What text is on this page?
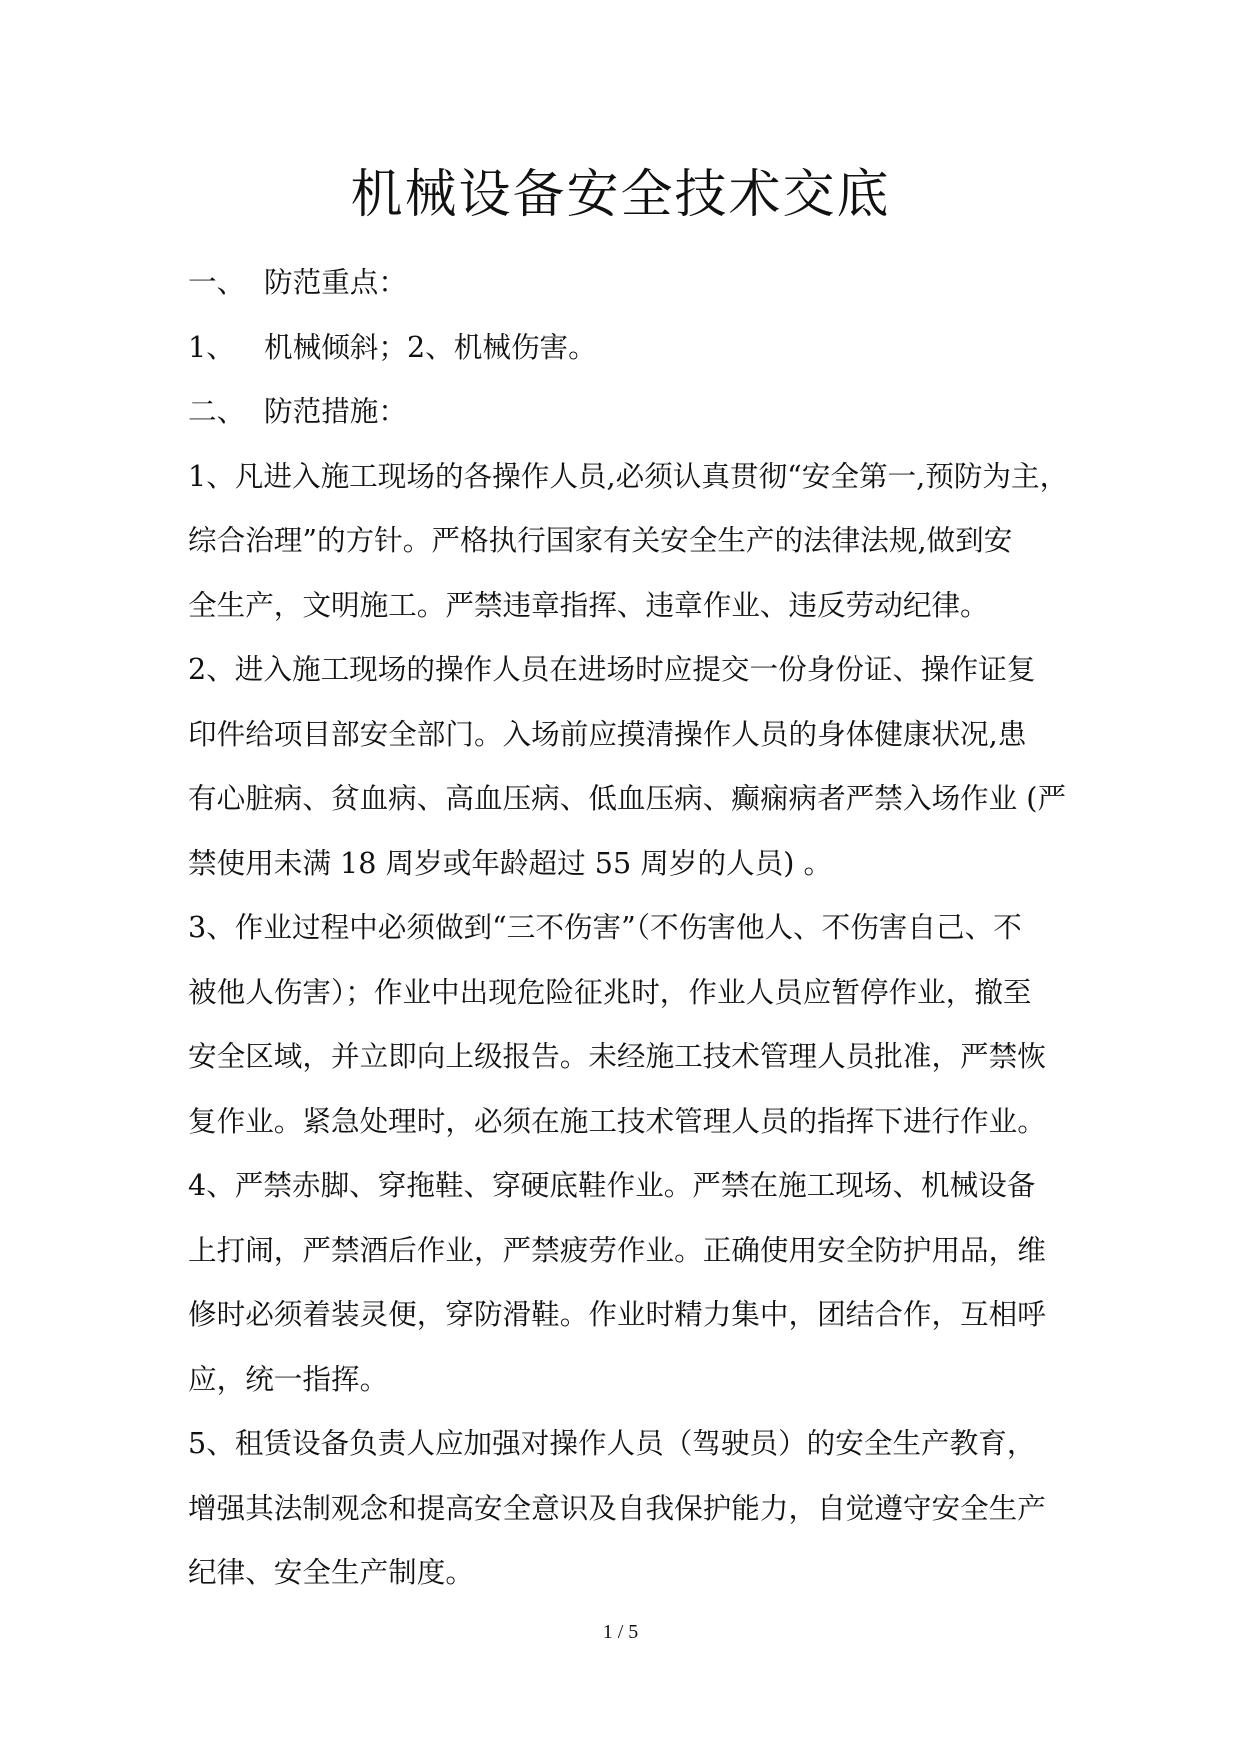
机械设备安全技术交底
一、 防范重点：
1、 机械倾斜；2、机械伤害。
二、 防范措施：
1、凡进入施工现场的各操作人员,必须认真贯彻“安全第一,预防为主，
综合治理”的方针。严格执行国家有关安全生产的法律法规,做到安
全生产，文明施工。严禁违章指挥、违章作业、违反劳动纪律。
2、进入施工现场的操作人员在进场时应提交一份身份证、操作证复
印件给项目部安全部门。入场前应摸清操作人员的身体健康状况,患
有心脏病、贫血病、高血压病、低血压病、癫痫病者严禁入场作业 (严
禁使用未满 18 周岁或年龄超过 55 周岁的人员) 。
3、作业过程中必须做到“三不伤害”（不伤害他人、不伤害自己、不
被他人伤害）；作业中出现危险征兆时，作业人员应暂停作业，撤至
安全区域，并立即向上级报告。未经施工技术管理人员批准，严禁恢
复作业。紧急处理时，必须在施工技术管理人员的指挥下进行作业。
4、严禁赤脚、穿拖鞋、穿硬底鞋作业。严禁在施工现场、机械设备
上打闹，严禁酒后作业，严禁疲劳作业。正确使用安全防护用品，维
修时必须着装灵便，穿防滑鞋。作业时精力集中，团结合作，互相呼
应，统一指挥。
5、租赁设备负责人应加强对操作人员（驾驶员）的安全生产教育，
增强其法制观念和提高安全意识及自我保护能力，自觉遵守安全生产
纪律、安全生产制度。
1 / 5
